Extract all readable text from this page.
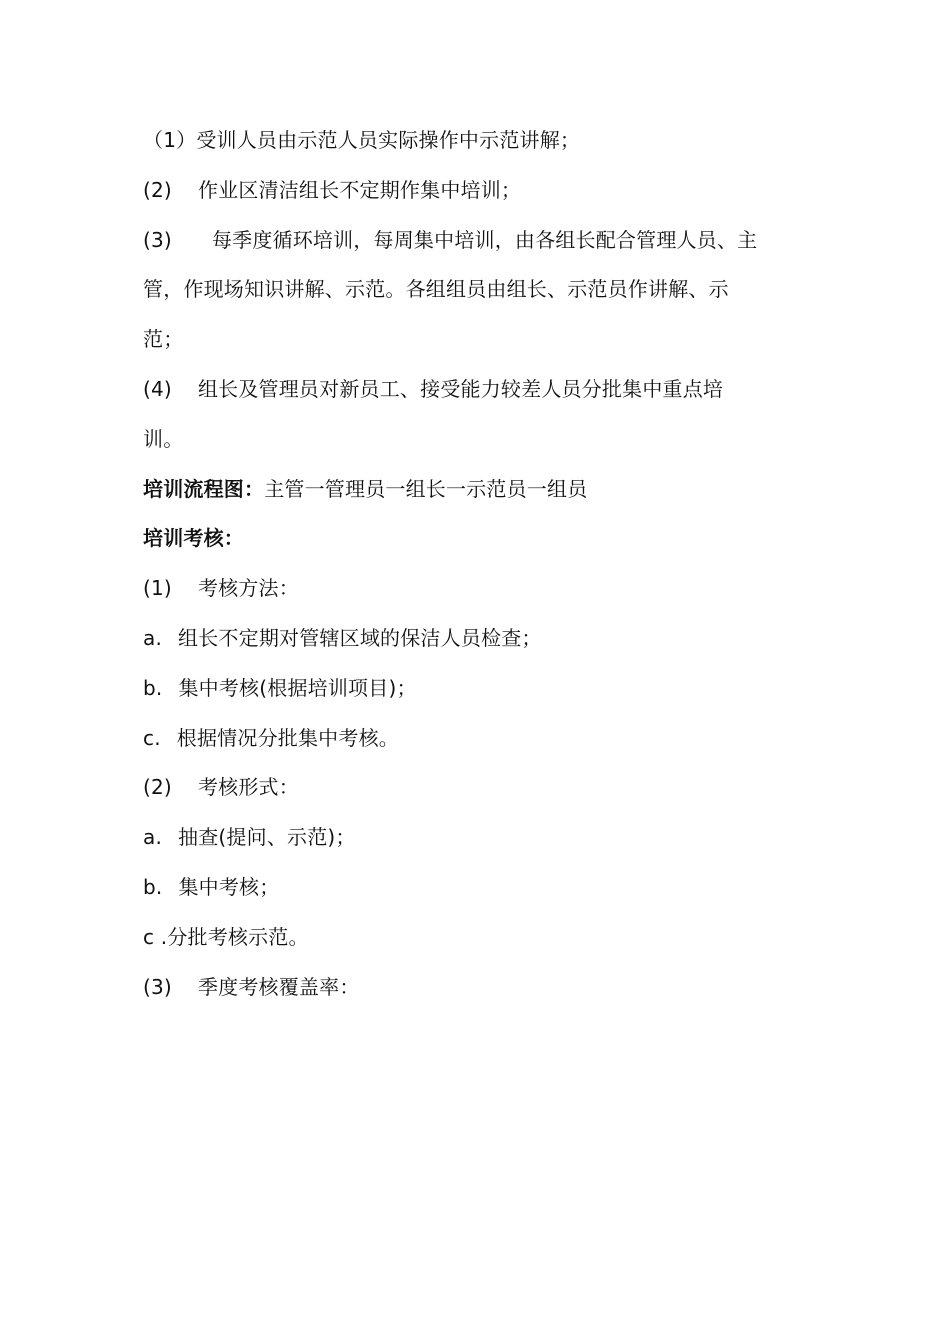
（1）受训人员由示范人员实际操作中示范讲解；
(2) 作业区清洁组长不定期作集中培训；
(3) 每季度循环培训，每周集中培训，由各组长配合管理人员、主
管，作现场知识讲解、示范。各组组员由组长、示范员作讲解、示
范；
(4) 组长及管理员对新员工、接受能力较差人员分批集中重点培
训。
培训流程图：主管一管理员一组长一示范员一组员
培训考核：
(1) 考核方法：
a. 组长不定期对管辖区域的保洁人员检查；
b. 集中考核(根据培训项目)；
c. 根据情况分批集中考核。
(2) 考核形式：
a. 抽查(提问、示范)；
b. 集中考核；
c .分批考核示范。
(3) 季度考核覆盖率：
